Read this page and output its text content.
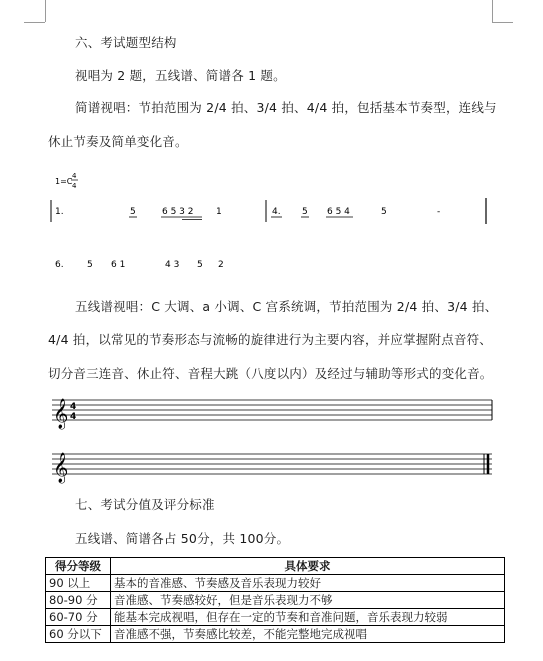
六、考试题型结构
视唱为 2 题，五线谱、简谱各 1 题。
简谱视唱：节拍范围为 2/4 拍、3/4 拍、4/4 拍，包括基本节奏型，连线与
休止节奏及简单变化音。
1=C
4
4
1.	5	6 5 3 2	1	4. 5 6 5 4	5	-
6.	5 6 1	4 3 5 2
五线谱视唱：C 大调、a 小调、C 宫系统调，节拍范围为 2/4 拍、3/4 拍、
4/4 拍，以常见的节奏形态与流畅的旋律进行为主要内容，并应掌握附点音符、
切分音三连音、休止符、音程大跳（八度以内）及经过与辅助等形式的变化音。
𝄞 4
4
𝄞
七、考试分值及评分标准
五线谱、简谱各占 50分，共 100分。
得分等级	具体要求
90 以上	基本的音准感、节奏感及音乐表现力较好
80-90 分	音准感、节奏感较好，但是音乐表现力不够
60-70 分	能基本完成视唱，但存在一定的节奏和音准问题，音乐表现力较弱
60 分以下	音准感不强，节奏感比较差，不能完整地完成视唱
